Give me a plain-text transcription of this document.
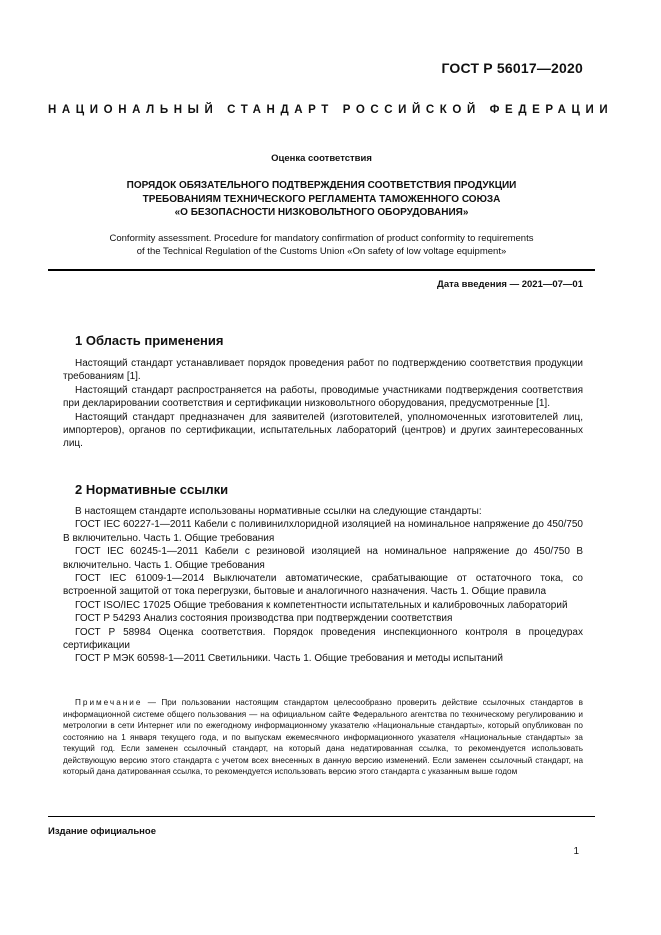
ГОСТ Р 56017—2020
НАЦИОНАЛЬНЫЙ СТАНДАРТ РОССИЙСКОЙ ФЕДЕРАЦИИ
Оценка соответствия
ПОРЯДОК ОБЯЗАТЕЛЬНОГО ПОДТВЕРЖДЕНИЯ СООТВЕТСТВИЯ ПРОДУКЦИИ
ТРЕБОВАНИЯМ ТЕХНИЧЕСКОГО РЕГЛАМЕНТА ТАМОЖЕННОГО СОЮЗА
«О БЕЗОПАСНОСТИ НИЗКОВОЛЬТНОГО ОБОРУДОВАНИЯ»
Conformity assessment. Procedure for mandatory confirmation of product conformity to requirements
of the Technical Regulation of the Customs Union «On safety of low voltage equipment»
Дата введения — 2021—07—01
1 Область применения

Настоящий стандарт устанавливает порядок проведения работ по подтверждению соответствия продукции требованиям [1].

Настоящий стандарт распространяется на работы, проводимые участниками подтверждения соответствия при декларировании соответствия и сертификации низковольтного оборудования, предусмотренные [1].

Настоящий стандарт предназначен для заявителей (изготовителей, уполномоченных изготовителей лиц, импортеров), органов по сертификации, испытательных лабораторий (центров) и других заинтересованных лиц.

2 Нормативные ссылки

В настоящем стандарте использованы нормативные ссылки на следующие стандарты:

ГОСТ IEC 60227-1—2011 Кабели с поливинилхлоридной изоляцией на номинальное напряжение до 450/750 В включительно. Часть 1. Общие требования

ГОСТ IEC 60245-1—2011 Кабели с резиновой изоляцией на номинальное напряжение до 450/750 В включительно. Часть 1. Общие требования

ГОСТ IEC 61009-1—2014 Выключатели автоматические, срабатывающие от остаточного тока, со встроенной защитой от тока перегрузки, бытовые и аналогичного назначения. Часть 1. Общие правила

ГОСТ ISO/IEC 17025 Общие требования к компетентности испытательных и калибровочных лабораторий

ГОСТ Р 54293 Анализ состояния производства при подтверждении соответствия

ГОСТ Р 58984 Оценка соответствия. Порядок проведения инспекционного контроля в процедурах сертификации

ГОСТ Р МЭК 60598-1—2011 Светильники. Часть 1. Общие требования и методы испытаний

Примечание — При пользовании настоящим стандартом целесообразно проверить действие ссылочных стандартов в информационной системе общего пользования — на официальном сайте Федерального агентства по техническому регулированию и метрологии в сети Интернет или по ежегодному информационному указателю «Национальные стандарты», который опубликован по состоянию на 1 января текущего года, и по выпускам ежемесячного информационного указателя «Национальные стандарты» за текущий год. Если заменен ссылочный стандарт, на который дана недатированная ссылка, то рекомендуется использовать действующую версию этого стандарта с учетом всех внесенных в данную версию изменений. Если заменен ссылочный стандарт, на который дана датированная ссылка, то рекомендуется использовать версию этого стандарта с указанным выше годом

Издание официальное
1
